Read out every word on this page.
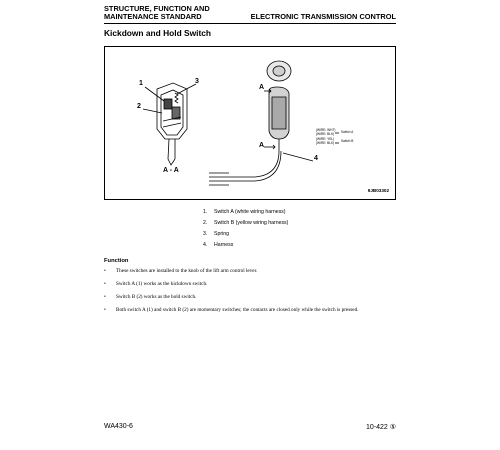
STRUCTURE, FUNCTION AND MAINTENANCE STANDARD	ELECTRONIC TRANSMISSION CONTROL
Kickdown and Hold Switch
1
2
3
4
A
A
A - A
(WIRE: WHT)
(WIRE: BLK)
(WIRE: YEL)
(WIRE: BLK)
Switch A
Switch B
9JB03302
1. Switch A (white wiring harness)
2. Switch B (yellow wiring harness)
3. Spring
4. Harness
Function
• These switches are installed to the knob of the lift arm control lever.
• Switch A (1) works as the kickdown switch.
• Switch B (2) works as the hold switch.
• Both switch A (1) and switch B (2) are momentary switches; the contacts are closed only while the switch is pressed.
WA430-6	10-422 ⑤
